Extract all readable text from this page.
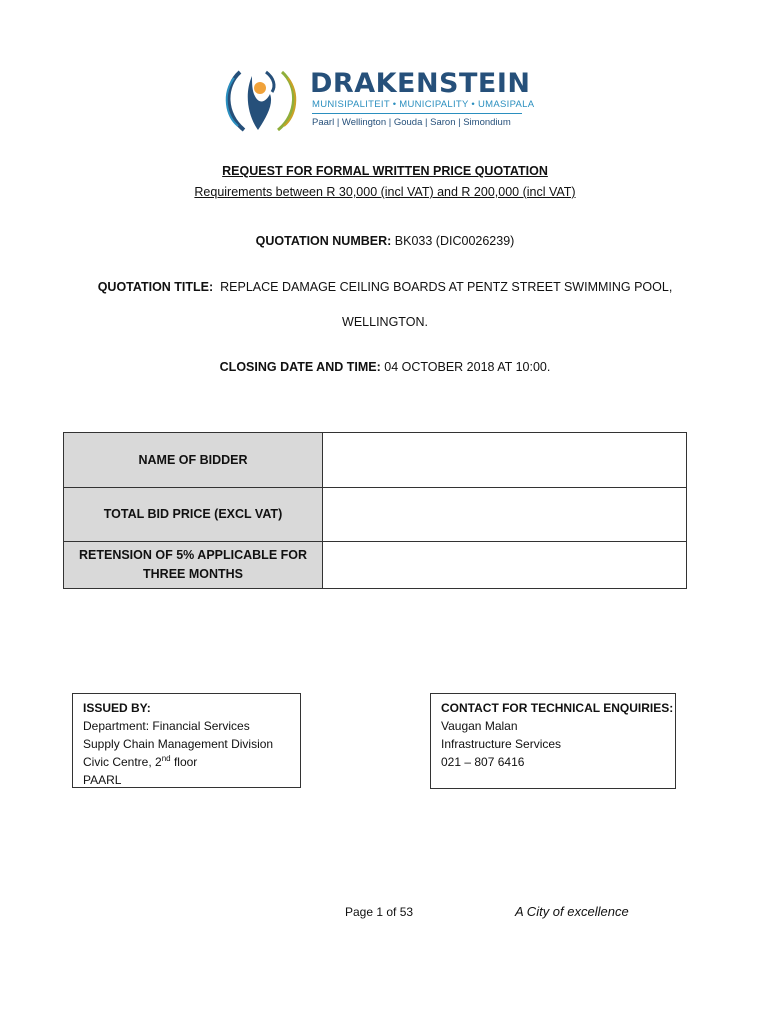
DRAKENSTEIN
MUNISIPALITEIT • MUNICIPALITY • UMASIPALA
Paarl | Wellington | Gouda | Saron | Simondium
REQUEST FOR FORMAL WRITTEN PRICE QUOTATION
Requirements between R 30,000 (incl VAT) and R 200,000 (incl VAT)
QUOTATION NUMBER: BK033 (DIC0026239)
QUOTATION TITLE: REPLACE DAMAGE CEILING BOARDS AT PENTZ STREET SWIMMING POOL,
WELLINGTON.
CLOSING DATE AND TIME: 04 OCTOBER 2018 AT 10:00.
NAME OF BIDDER	
TOTAL BID PRICE (EXCL VAT)	
RETENSION OF 5% APPLICABLE FOR THREE MONTHS	
ISSUED BY:
Department: Financial Services
Supply Chain Management Division
Civic Centre, 2nd floor
PAARL
CONTACT FOR TECHNICAL ENQUIRIES:
Vaugan Malan
Infrastructure Services
021 – 807 6416
Page 1 of 53	A City of excellence
